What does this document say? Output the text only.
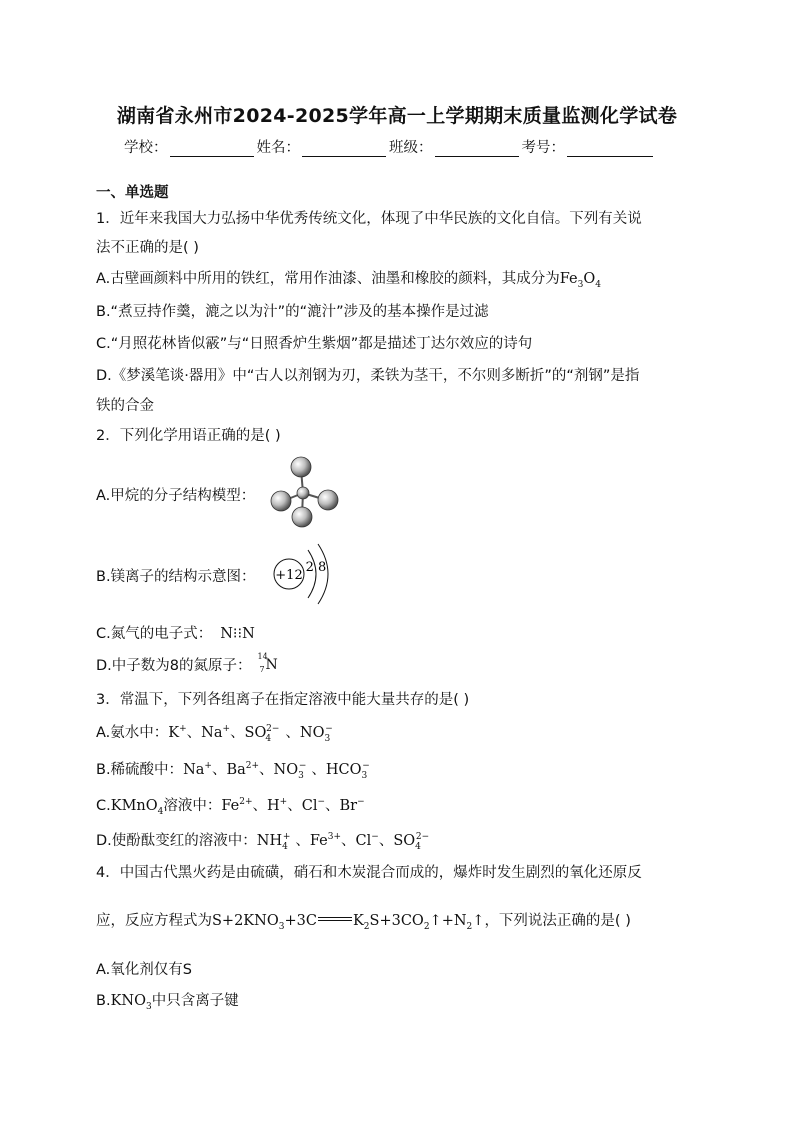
湖南省永州市2024-2025学年高一上学期期末质量监测化学试卷
学校：	姓名：	班级：	考号：
一、单选题
1．近年来我国大力弘扬中华优秀传统文化，体现了中华民族的文化自信。下列有关说
法不正确的是( )
A.古壁画颜料中所用的铁红，常用作油漆、油墨和橡胶的颜料，其成分为$Fe_3O_4$
B.“煮豆持作羹，漉之以为汁”的“漉汁”涉及的基本操作是过滤
C.“月照花林皆似霰”与“日照香炉生紫烟”都是描述丁达尔效应的诗句
D.《梦溪笔谈·器用》中“古人以剂钢为刃，柔铁为茎干，不尔则多断折”的“剂钢”是指
铁的合金
2．下列化学用语正确的是( )
A.甲烷的分子结构模型：
B.镁离子的结构示意图： +12
2 8
C.氮气的电子式： N⁝⁝N
D.中子数为8的氮原子：
14
7 N
3．常温下，下列各组离子在指定溶液中能大量共存的是( )
A.氨水中：K+、Na+、$SO_4^{2-}$ 、$NO_3^-$
B.稀硫酸中：Na+、$Ba^{2+}$、$NO_3^-$ 、$HCO_3^-$
C.KMnO$_4$溶液中：$Fe^{2+}$、H+、Cl−、Br−
D.使酚酞变红的溶液中：$NH_4^+$ 、$Fe^{3+}$、Cl−、$SO_4^{2-}$
4．中国古代黑火药是由硫磺，硝石和木炭混合而成的，爆炸时发生剧烈的氧化还原反
应，反应方程式为$S+2KNO_3+3C$ $K_2S+3CO_2↑+N_2↑$，下列说法正确的是( )
A.氧化剂仅有S
$B.KNO_3$中只含离子键
